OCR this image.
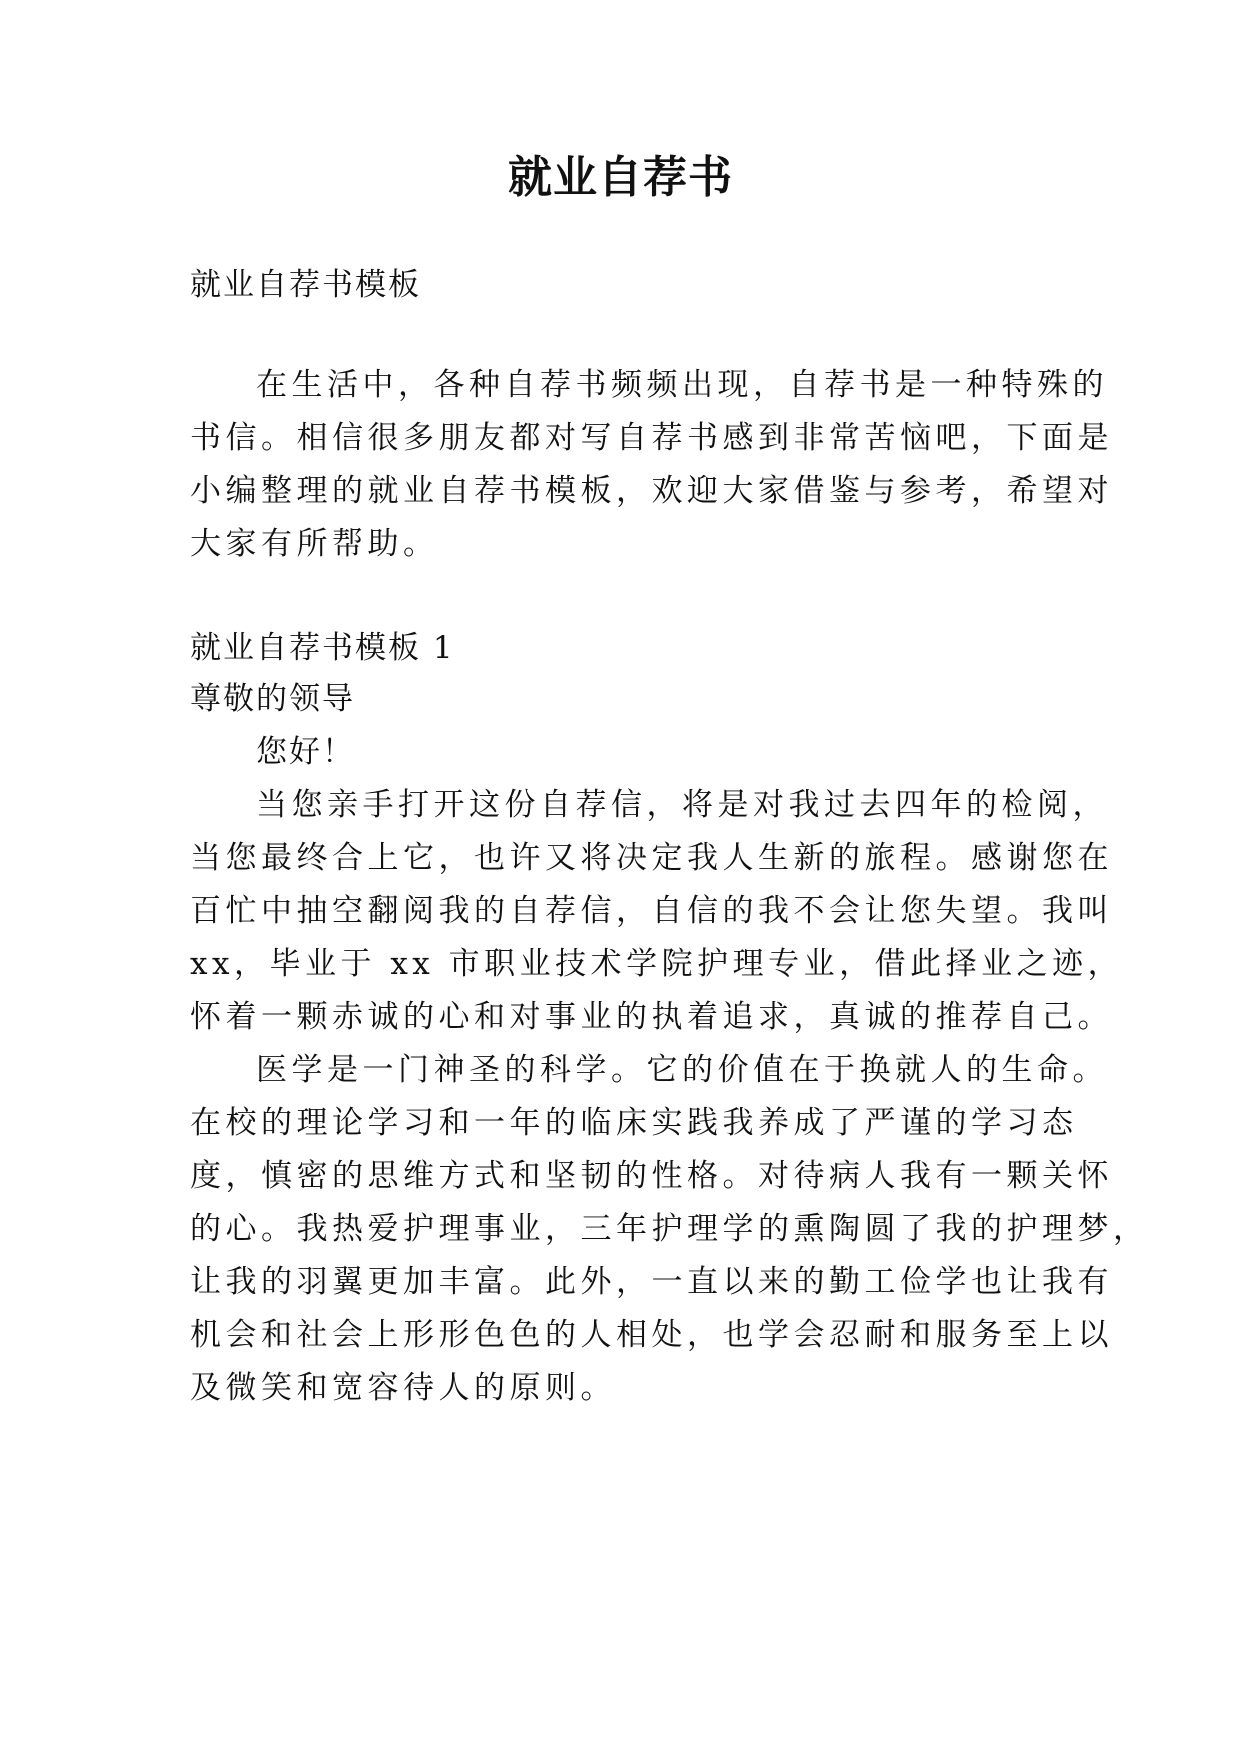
就业自荐书

就业自荐书模板

在生活中，各种自荐书频频出现，自荐书是一种特殊的

书信。相信很多朋友都对写自荐书感到非常苦恼吧，下面是

小编整理的就业自荐书模板，欢迎大家借鉴与参考，希望对

大家有所帮助。

就业自荐书模板 1

尊敬的领导

您好！

当您亲手打开这份自荐信，将是对我过去四年的检阅，

当您最终合上它，也许又将决定我人生新的旅程。感谢您在

百忙中抽空翻阅我的自荐信，自信的我不会让您失望。我叫

xx，毕业于 xx 市职业技术学院护理专业，借此择业之迹，

怀着一颗赤诚的心和对事业的执着追求，真诚的推荐自己。

医学是一门神圣的科学。它的价值在于换就人的生命。

在校的理论学习和一年的临床实践我养成了严谨的学习态

度，慎密的思维方式和坚韧的性格。对待病人我有一颗关怀

的心。我热爱护理事业，三年护理学的熏陶圆了我的护理梦，

让我的羽翼更加丰富。此外，一直以来的勤工俭学也让我有

机会和社会上形形色色的人相处，也学会忍耐和服务至上以

及微笑和宽容待人的原则。
